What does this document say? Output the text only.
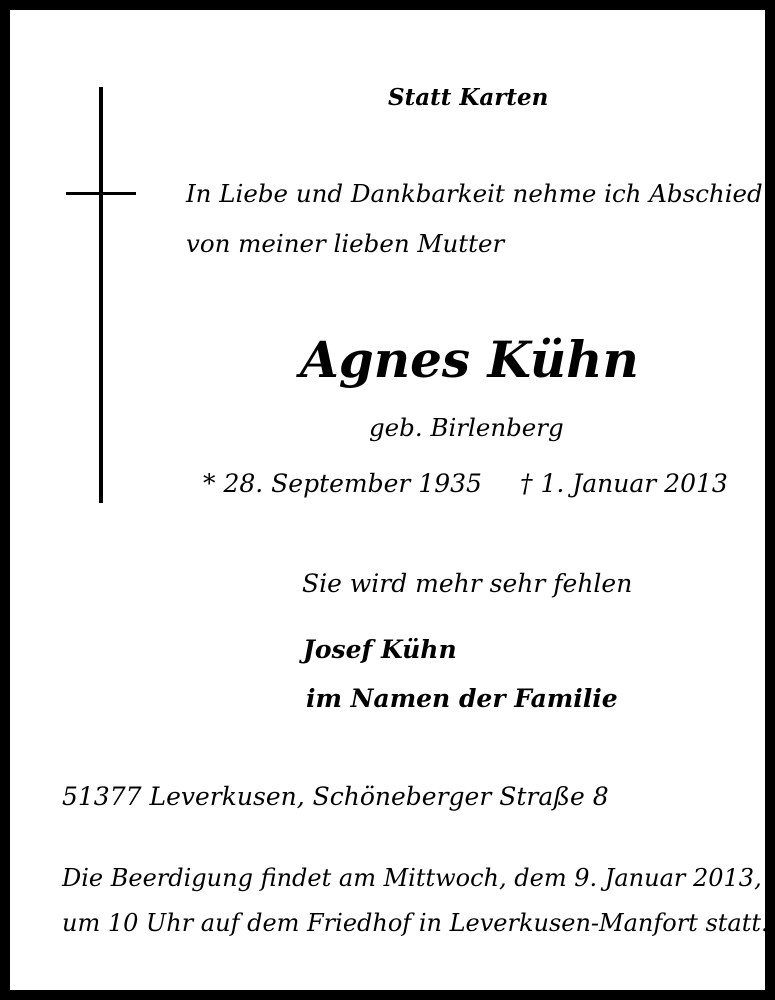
Statt Karten
In Liebe und Dankbarkeit nehme ich Abschied
von meiner lieben Mutter
Agnes Kühn
geb. Birlenberg
* 28. September 1935 † 1. Januar 2013
Sie wird mehr sehr fehlen
Josef Kühn
im Namen der Familie
51377 Leverkusen, Schöneberger Straße 8
Die Beerdigung findet am Mittwoch, dem 9. Januar 2013,
um 10 Uhr auf dem Friedhof in Leverkusen-Manfort statt.
